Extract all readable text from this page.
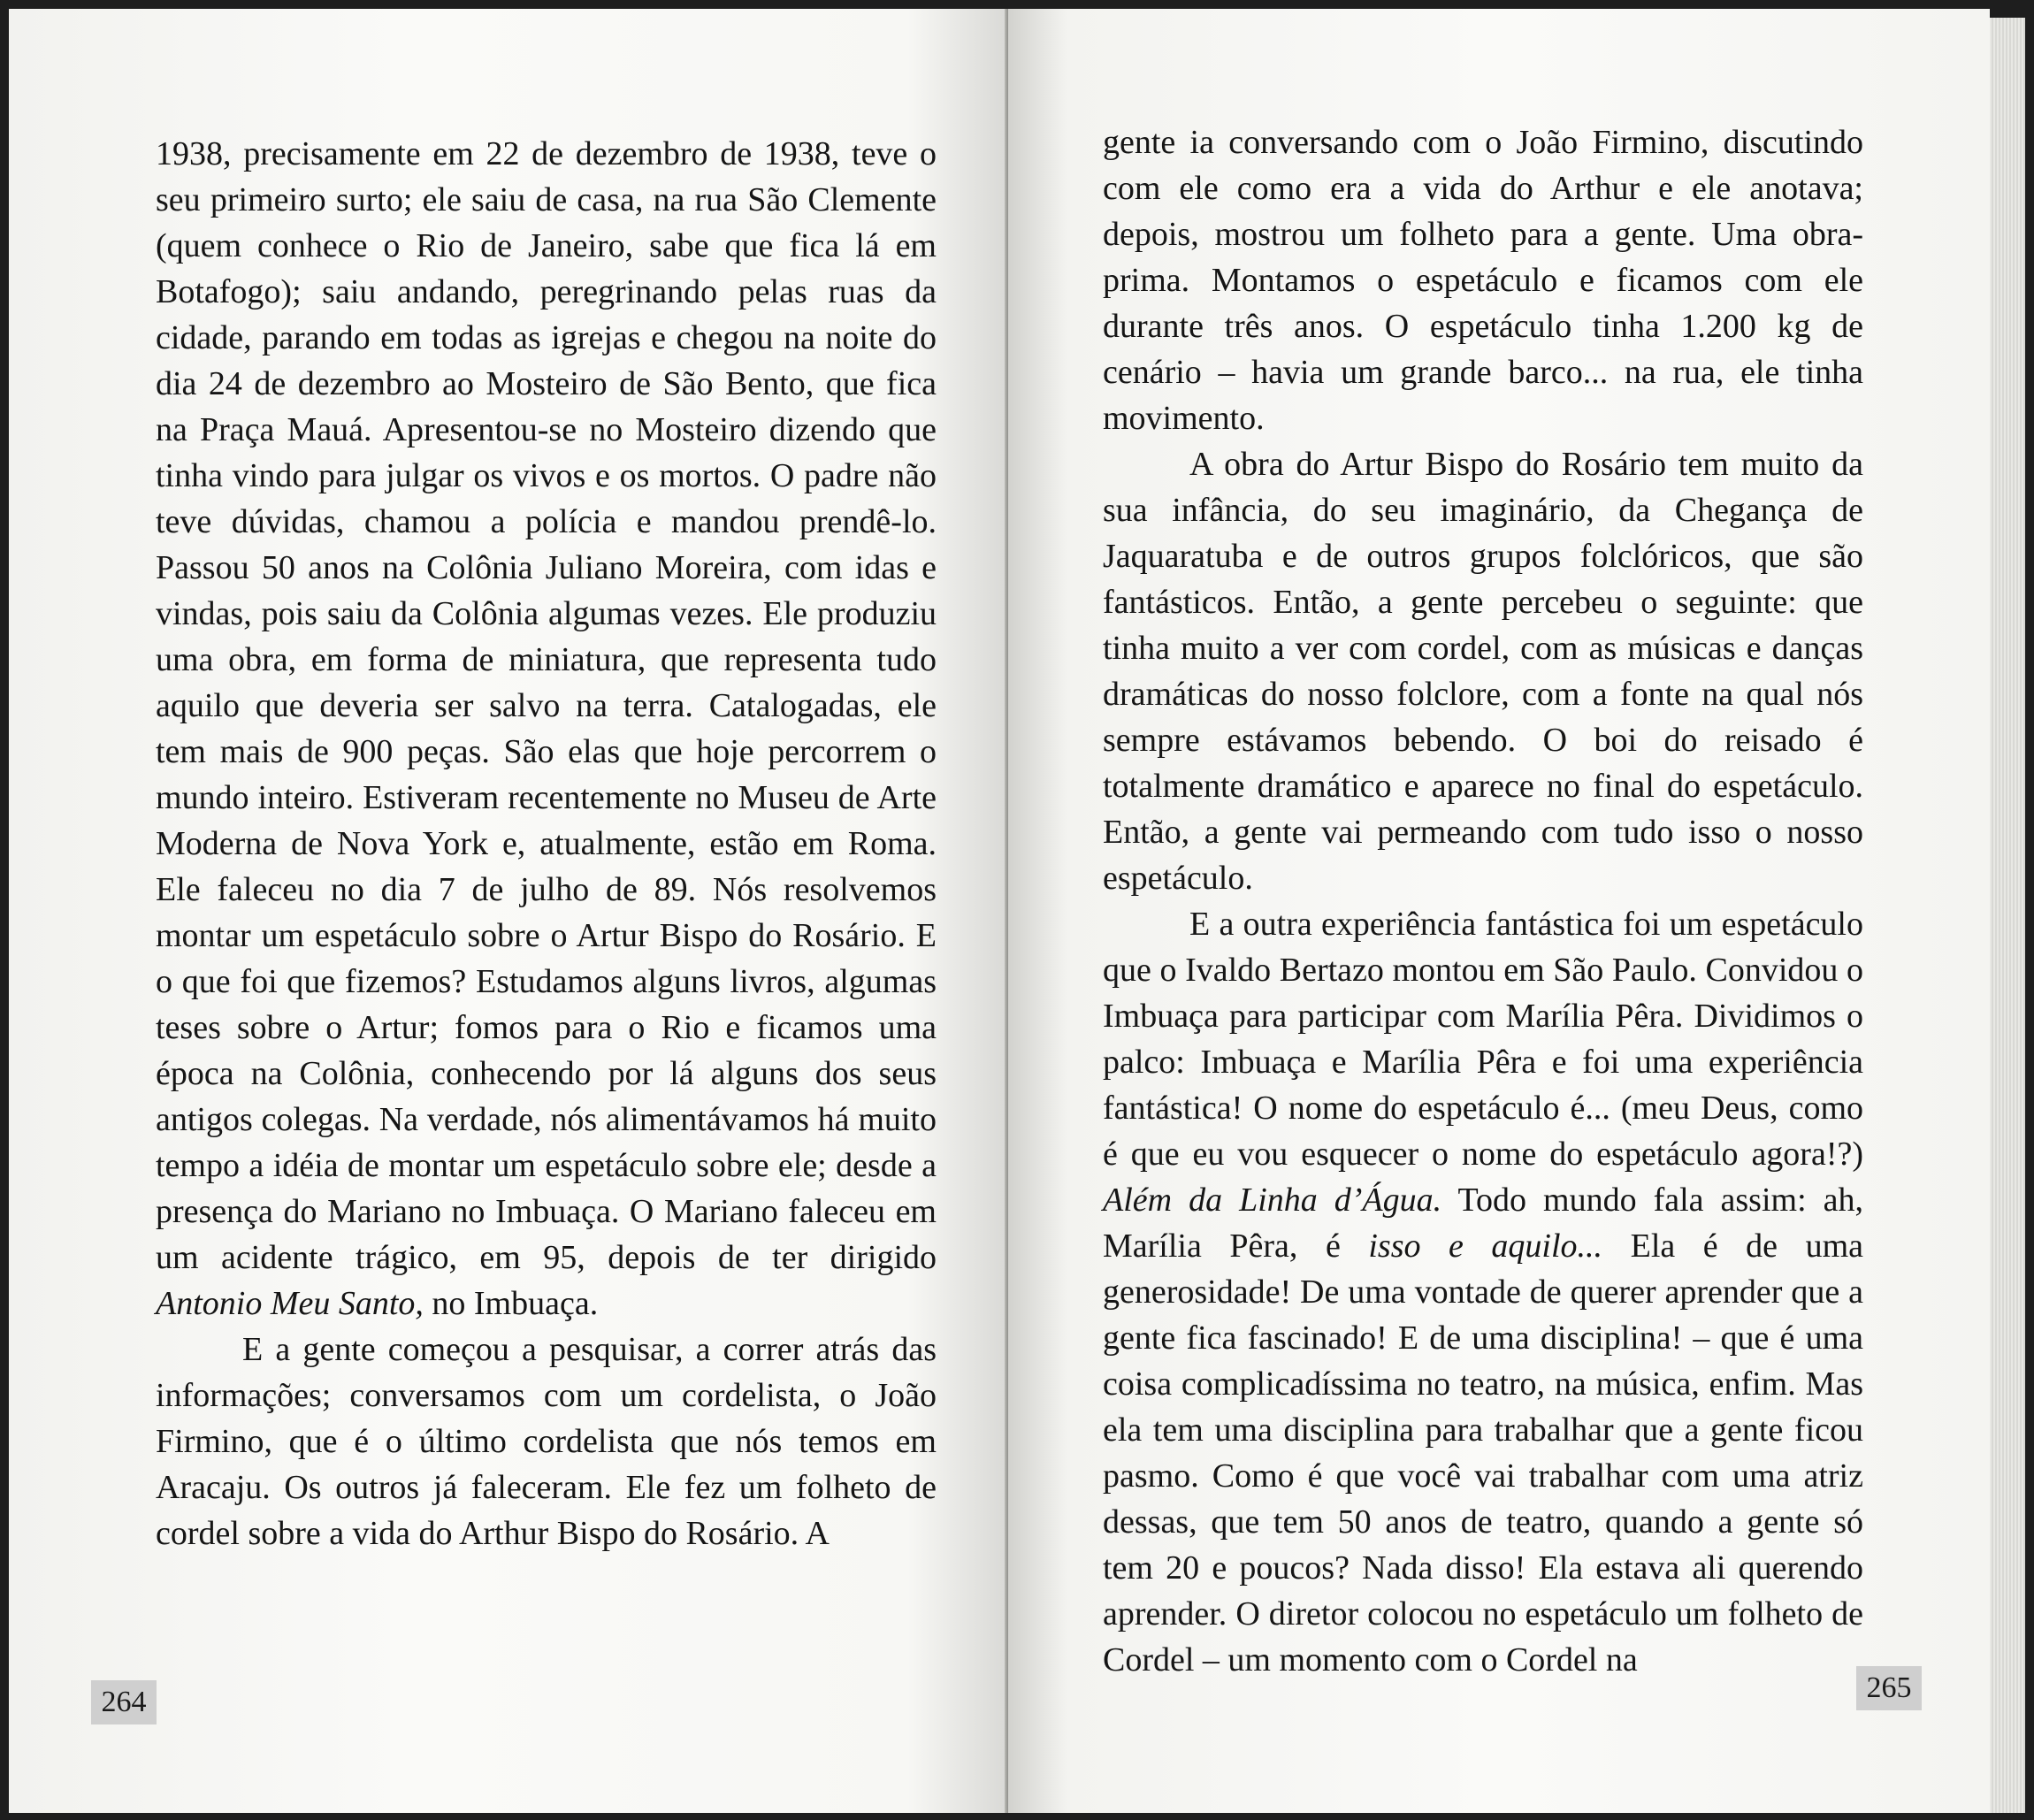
1938, precisamente em 22 de dezembro de 1938, teve o seu primeiro surto; ele saiu de casa, na rua São Clemente (quem conhece o Rio de Janeiro, sabe que fica lá em Botafogo); saiu andando, peregrinando pelas ruas da cidade, parando em todas as igrejas e chegou na noite do dia 24 de dezembro ao Mosteiro de São Bento, que fica na Praça Mauá. Apresentou-se no Mosteiro dizendo que tinha vindo para julgar os vivos e os mortos. O padre não teve dúvidas, chamou a polícia e mandou prendê-lo. Passou 50 anos na Colônia Juliano Moreira, com idas e vindas, pois saiu da Colônia algumas vezes. Ele produziu uma obra, em forma de miniatura, que representa tudo aquilo que deveria ser salvo na terra. Catalogadas, ele tem mais de 900 peças. São elas que hoje percorrem o mundo inteiro. Estiveram recentemente no Museu de Arte Moderna de Nova York e, atualmente, estão em Roma. Ele faleceu no dia 7 de julho de 89. Nós resolvemos montar um espetáculo sobre o Artur Bispo do Rosário. E o que foi que fizemos? Estudamos alguns livros, algumas teses sobre o Artur; fomos para o Rio e ficamos uma época na Colônia, conhecendo por lá alguns dos seus antigos colegas. Na verdade, nós alimentávamos há muito tempo a idéia de montar um espetáculo sobre ele; desde a presença do Mariano no Imbuaça. O Mariano faleceu em um acidente trágico, em 95, depois de ter dirigido Antonio Meu Santo, no Imbuaça.

E a gente começou a pesquisar, a correr atrás das informações; conversamos com um cordelista, o João Firmino, que é o último cordelista que nós temos em Aracaju. Os outros já faleceram. Ele fez um folheto de cordel sobre a vida do Arthur Bispo do Rosário. A

264

gente ia conversando com o João Firmino, discutindo com ele como era a vida do Arthur e ele anotava; depois, mostrou um folheto para a gente. Uma obra-prima. Montamos o espetáculo e ficamos com ele durante três anos. O espetáculo tinha 1.200 kg de cenário – havia um grande barco... na rua, ele tinha movimento.

A obra do Artur Bispo do Rosário tem muito da sua infância, do seu imaginário, da Chegança de Jaquaratuba e de outros grupos folclóricos, que são fantásticos. Então, a gente percebeu o seguinte: que tinha muito a ver com cordel, com as músicas e danças dramáticas do nosso folclore, com a fonte na qual nós sempre estávamos bebendo. O boi do reisado é totalmente dramático e aparece no final do espetáculo. Então, a gente vai permeando com tudo isso o nosso espetáculo.

E a outra experiência fantástica foi um espetáculo que o Ivaldo Bertazo montou em São Paulo. Convidou o Imbuaça para participar com Marília Pêra. Dividimos o palco: Imbuaça e Marília Pêra e foi uma experiência fantástica! O nome do espetáculo é... (meu Deus, como é que eu vou esquecer o nome do espetáculo agora!?) Além da Linha d’Água. Todo mundo fala assim: ah, Marília Pêra, é isso e aquilo... Ela é de uma generosidade! De uma vontade de querer aprender que a gente fica fascinado! E de uma disciplina! – que é uma coisa complicadíssima no teatro, na música, enfim. Mas ela tem uma disciplina para trabalhar que a gente ficou pasmo. Como é que você vai trabalhar com uma atriz dessas, que tem 50 anos de teatro, quando a gente só tem 20 e poucos? Nada disso! Ela estava ali querendo aprender. O diretor colocou no espetáculo um folheto de Cordel – um momento com o Cordel na

265
